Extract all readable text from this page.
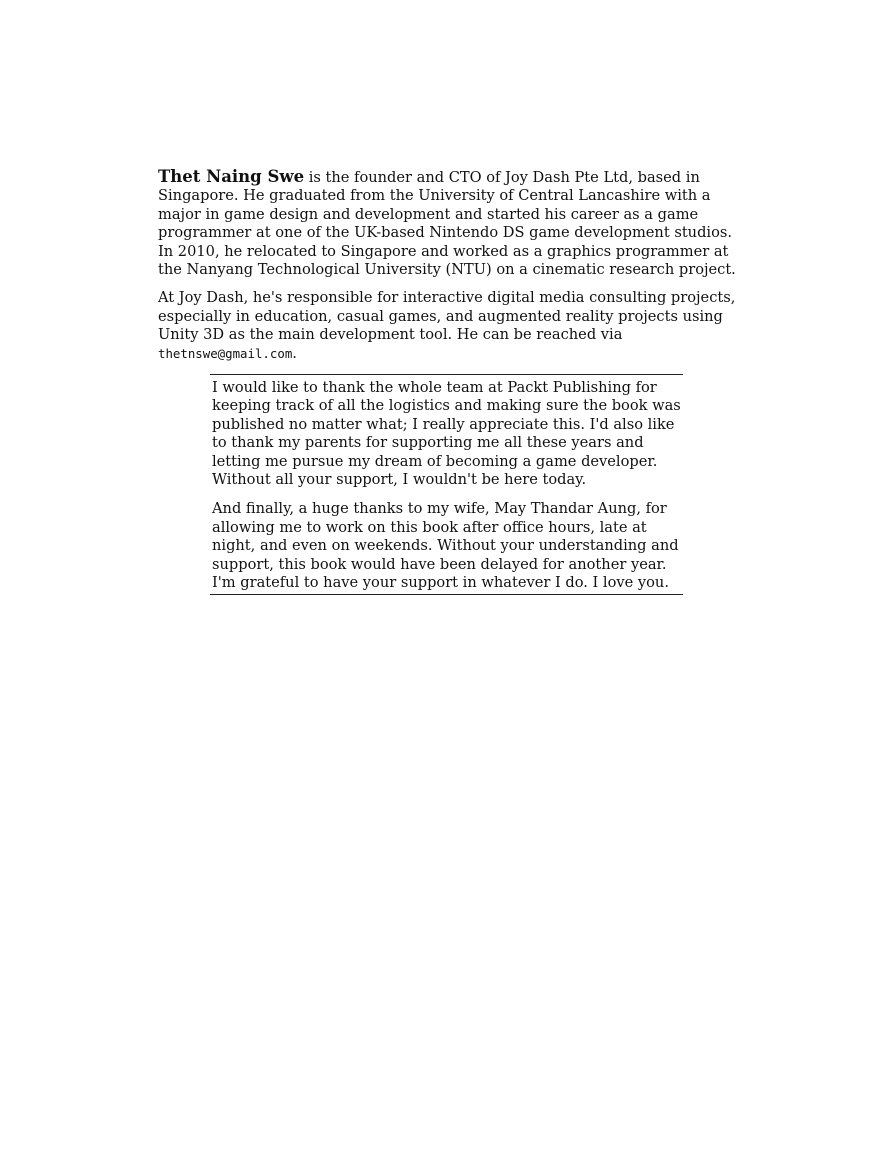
Thet Naing Swe is the founder and CTO of Joy Dash Pte Ltd, based in Singapore. He graduated from the University of Central Lancashire with a major in game design and development and started his career as a game programmer at one of the UK-based Nintendo DS game development studios. In 2010, he relocated to Singapore and worked as a graphics programmer at the Nanyang Technological University (NTU) on a cinematic research project.

At Joy Dash, he's responsible for interactive digital media consulting projects, especially in education, casual games, and augmented reality projects using Unity 3D as the main development tool. He can be reached via thetnswe@gmail.com.

I would like to thank the whole team at Packt Publishing for keeping track of all the logistics and making sure the book was published no matter what; I really appreciate this. I'd also like to thank my parents for supporting me all these years and letting me pursue my dream of becoming a game developer. Without all your support, I wouldn't be here today.

And finally, a huge thanks to my wife, May Thandar Aung, for allowing me to work on this book after office hours, late at night, and even on weekends. Without your understanding and support, this book would have been delayed for another year. I'm grateful to have your support in whatever I do. I love you.
